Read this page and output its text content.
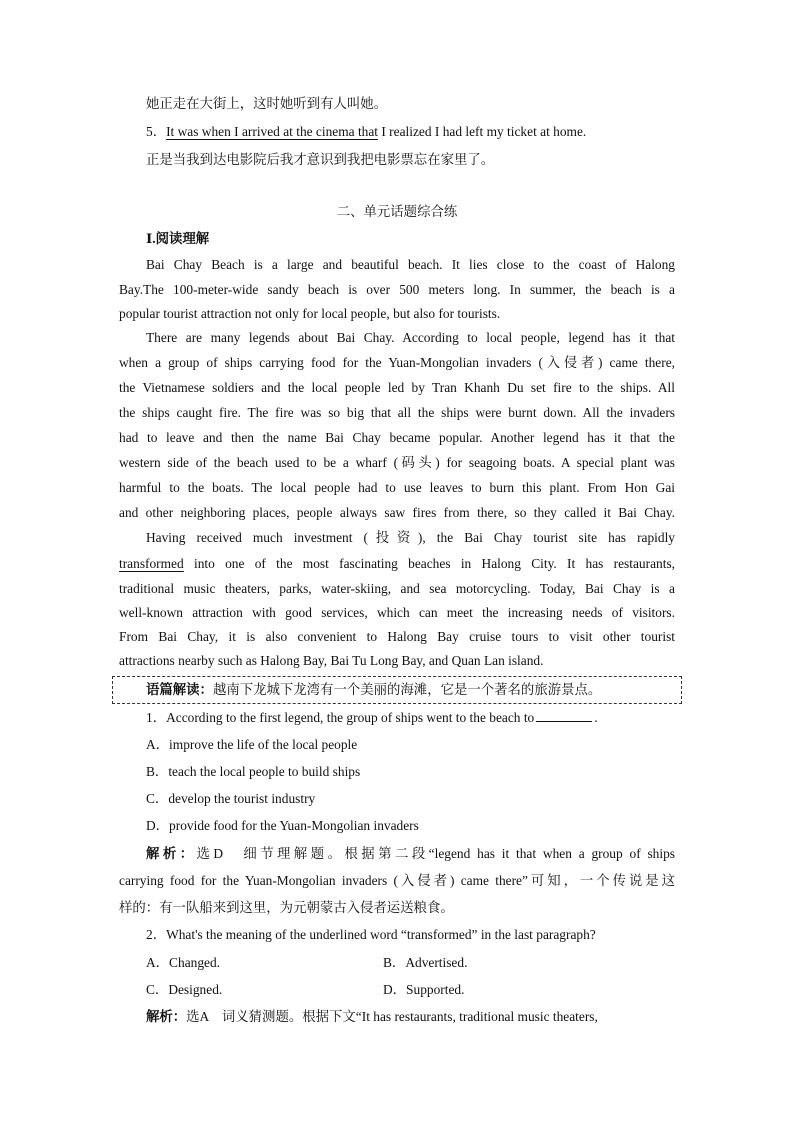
她正走在大街上，这时她听到有人叫她。
5．It was when I arrived at the cinema that I realized I had left my ticket at home.
正是当我到达电影院后我才意识到我把电影票忘在家里了。
二、单元话题综合练
Ⅰ.阅读理解
Bai Chay Beach is a large and beautiful beach. It lies close to the coast of Halong
Bay.The 100-meter-wide sandy beach is over 500 meters long. In summer, the beach is a
popular tourist attraction not only for local people, but also for tourists.
There are many legends about Bai Chay. According to local people, legend has it that
when a group of ships carrying food for the Yuan-Mongolian invaders (入侵者) came there,
the Vietnamese soldiers and the local people led by Tran Khanh Du set fire to the ships. All
the ships caught fire. The fire was so big that all the ships were burnt down. All the invaders
had to leave and then the name Bai Chay became popular. Another legend has it that the
western side of the beach used to be a wharf (码头) for seagoing boats. A special plant was
harmful to the boats. The local people had to use leaves to burn this plant. From Hon Gai
and other neighboring places, people always saw fires from there, so they called it Bai Chay.
Having received much investment (投资), the Bai Chay tourist site has rapidly
transformed into one of the most fascinating beaches in Halong City. It has restaurants,
traditional music theaters, parks, water-skiing, and sea motorcycling. Today, Bai Chay is a
well-known attraction with good services, which can meet the increasing needs of visitors.
From Bai Chay, it is also convenient to Halong Bay cruise tours to visit other tourist
attractions nearby such as Halong Bay, Bai Tu Long Bay, and Quan Lan island.
语篇解读：越南下龙城下龙湾有一个美丽的海滩，它是一个著名的旅游景点。
1．According to the first legend, the group of ships went to the beach to	.
A．improve the life of the local people
B．teach the local people to build ships
C．develop the tourist industry
D．provide food for the Yuan-Mongolian invaders
解析：选D　细节理解题。根据第二段“legend has it that when a group of ships
carrying food for the Yuan-Mongolian invaders (入侵者) came there”可知，一个传说是这
样的：有一队船来到这里，为元朝蒙古入侵者运送粮食。
2．What's the meaning of the underlined word “transformed” in the last paragraph?
A．Changed.	B．Advertised.
C．Designed.	D．Supported.
解析：选A　词义猜测题。根据下文“It has restaurants, traditional music theaters,
